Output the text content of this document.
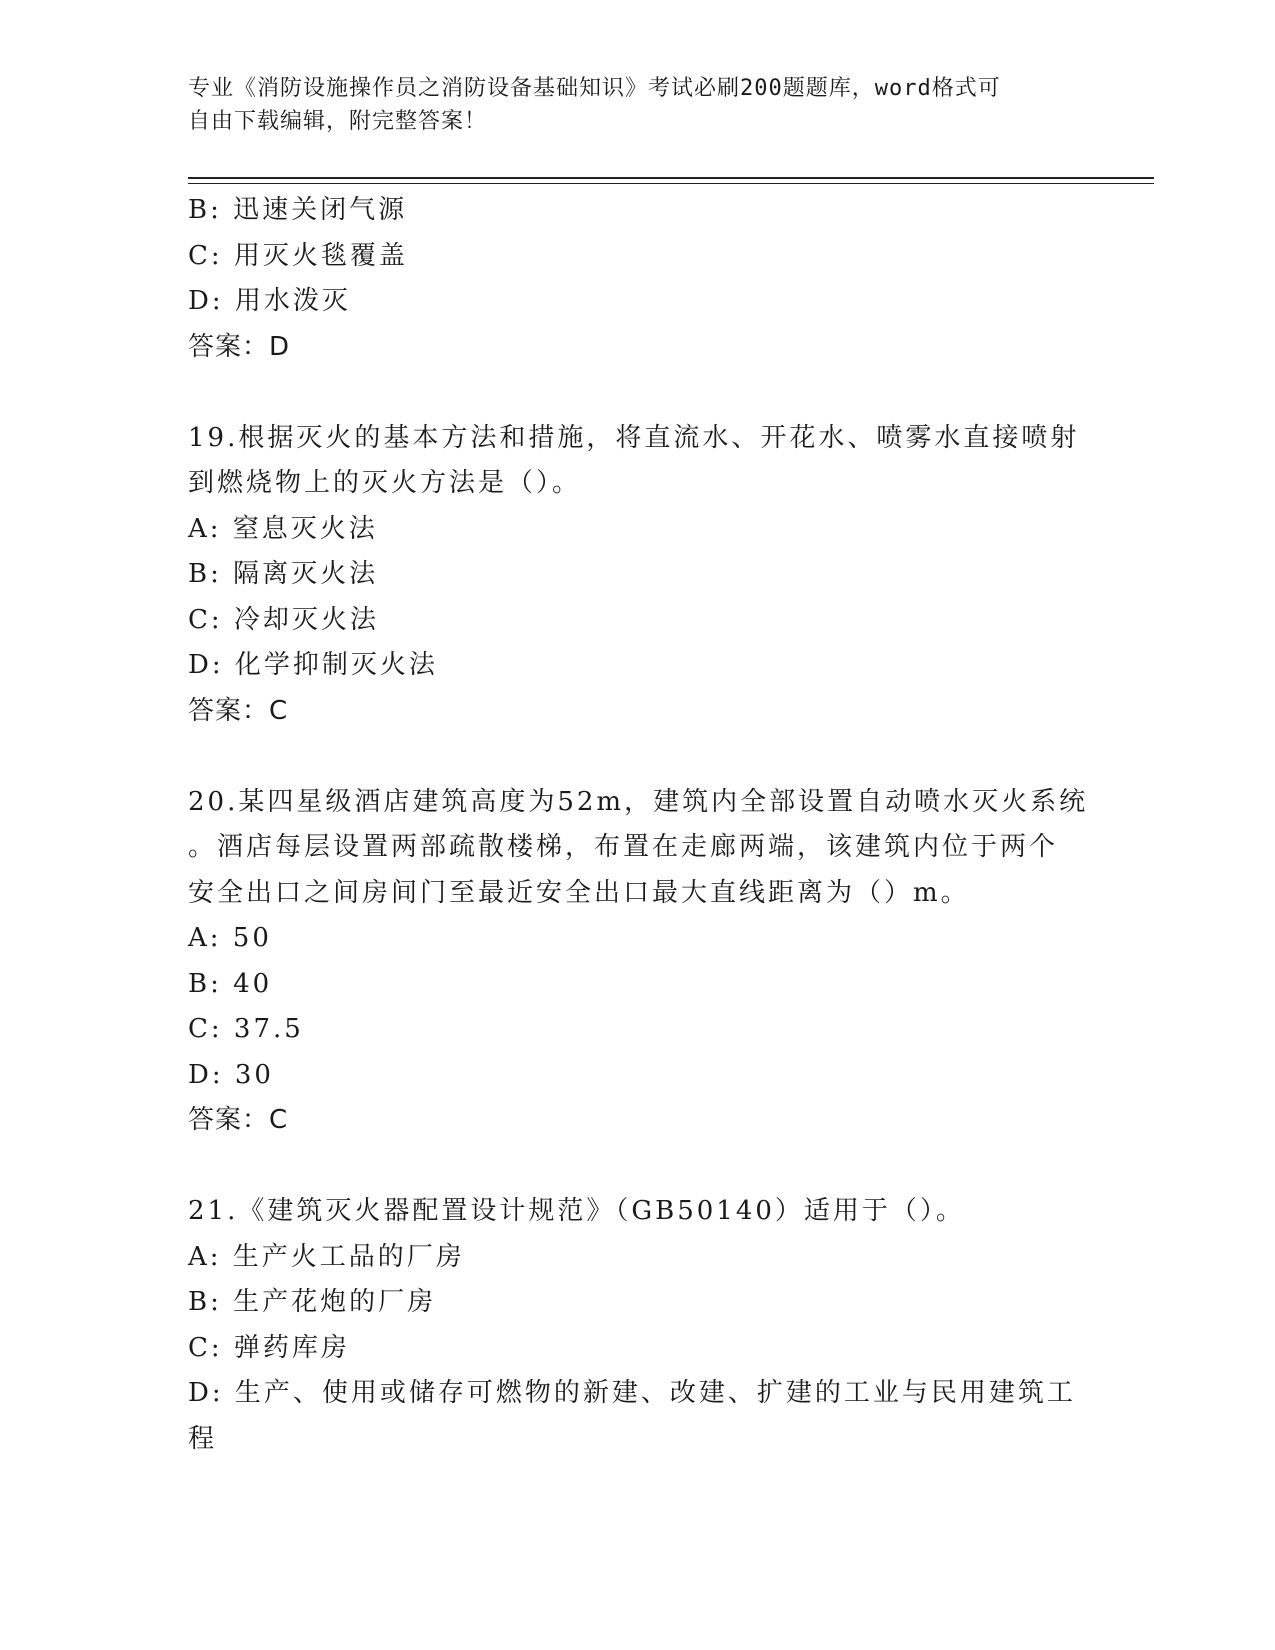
专业《消防设施操作员之消防设备基础知识》考试必刷200题题库，word格式可
自由下载编辑，附完整答案！
B: 迅速关闭气源
C: 用灭火毯覆盖
D: 用水泼灭
答案：D
19.根据灭火的基本方法和措施，将直流水、开花水、喷雾水直接喷射
到燃烧物上的灭火方法是（）。
A: 窒息灭火法
B: 隔离灭火法
C: 冷却灭火法
D: 化学抑制灭火法
答案：C
20.某四星级酒店建筑高度为52m，建筑内全部设置自动喷水灭火系统
。酒店每层设置两部疏散楼梯，布置在走廊两端，该建筑内位于两个
安全出口之间房间门至最近安全出口最大直线距离为（）m。
A: 50
B: 40
C: 37.5
D: 30
答案：C
21.《建筑灭火器配置设计规范》（GB50140）适用于（）。
A: 生产火工品的厂房
B: 生产花炮的厂房
C: 弹药库房
D: 生产、使用或储存可燃物的新建、改建、扩建的工业与民用建筑工
程
